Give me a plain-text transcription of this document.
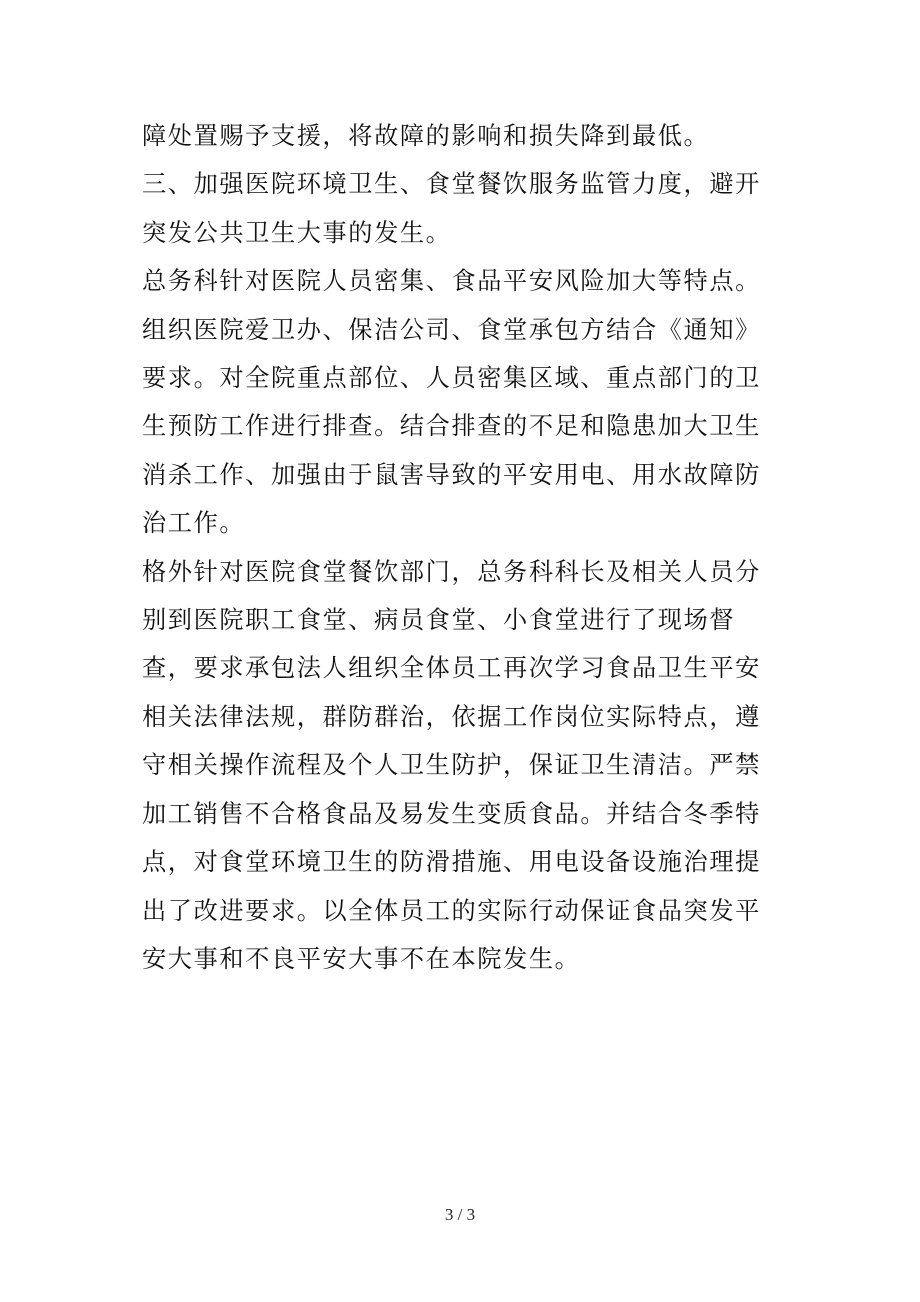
障处置赐予支援，将故障的影响和损失降到最低。

三、加强医院环境卫生、食堂餐饮服务监管力度，避开突发公共卫生大事的发生。

总务科针对医院人员密集、食品平安风险加大等特点。组织医院爱卫办、保洁公司、食堂承包方结合《通知》要求。对全院重点部位、人员密集区域、重点部门的卫生预防工作进行排查。结合排查的不足和隐患加大卫生消杀工作、加强由于鼠害导致的平安用电、用水故障防治工作。

格外针对医院食堂餐饮部门，总务科科长及相关人员分别到医院职工食堂、病员食堂、小食堂进行了现场督查，要求承包法人组织全体员工再次学习食品卫生平安相关法律法规，群防群治，依据工作岗位实际特点，遵守相关操作流程及个人卫生防护，保证卫生清洁。严禁加工销售不合格食品及易发生变质食品。并结合冬季特点，对食堂环境卫生的防滑措施、用电设备设施治理提出了改进要求。以全体员工的实际行动保证食品突发平安大事和不良平安大事不在本院发生。

3 / 3
